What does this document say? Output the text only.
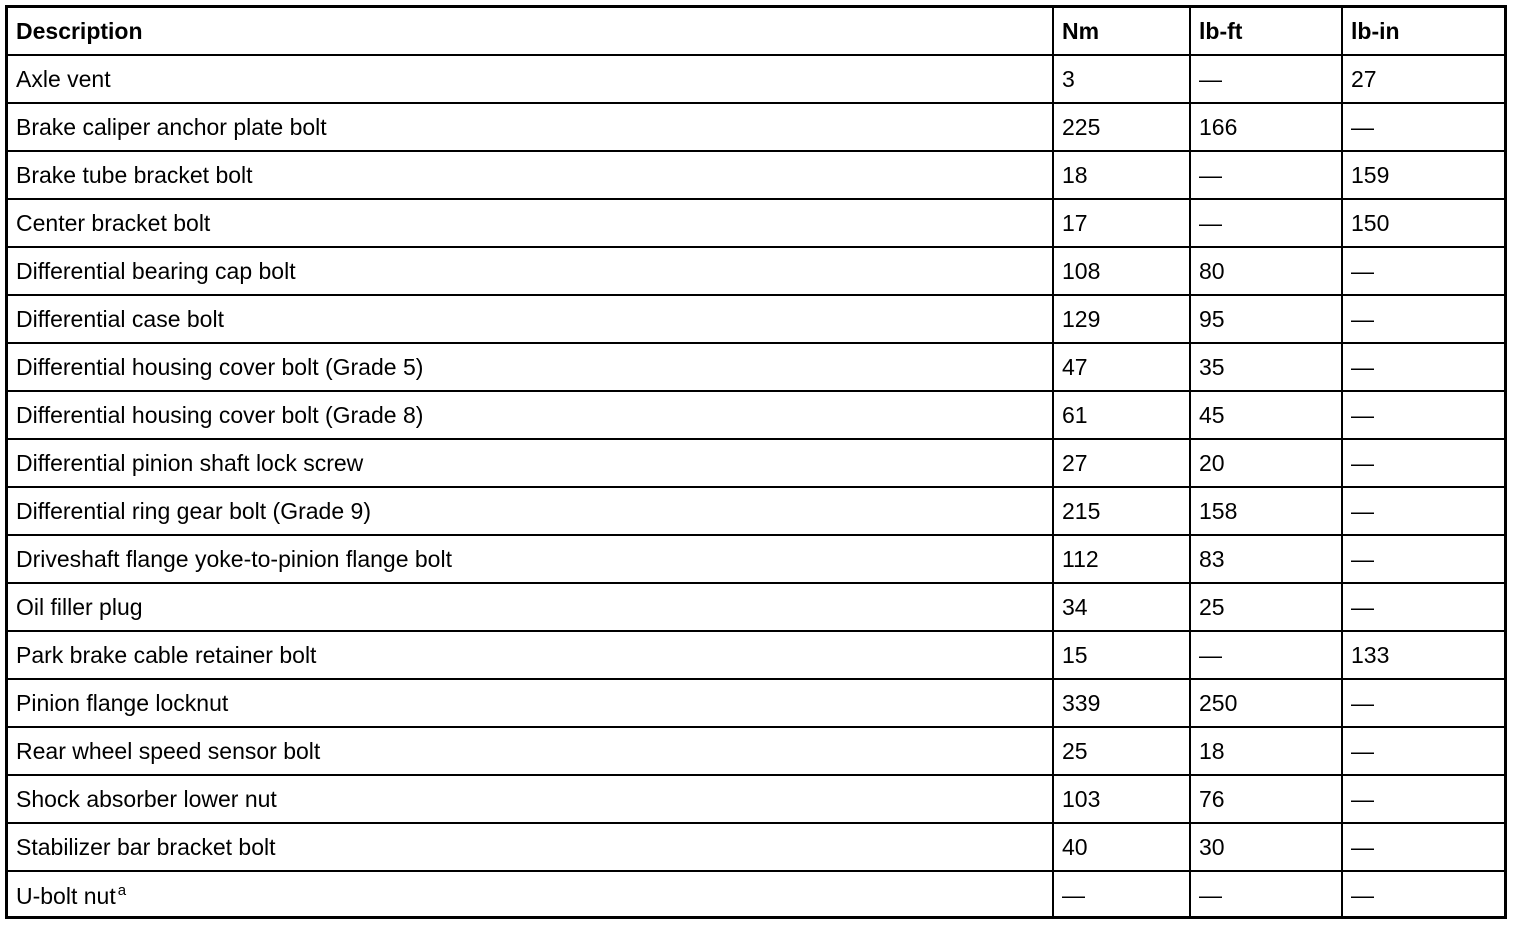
Description	Nm	lb-ft	lb-in
Axle vent	3	—	27
Brake caliper anchor plate bolt	225	166	—
Brake tube bracket bolt	18	—	159
Center bracket bolt	17	—	150
Differential bearing cap bolt	108	80	—
Differential case bolt	129	95	—
Differential housing cover bolt (Grade 5)	47	35	—
Differential housing cover bolt (Grade 8)	61	45	—
Differential pinion shaft lock screw	27	20	—
Differential ring gear bolt (Grade 9)	215	158	—
Driveshaft flange yoke-to-pinion flange bolt	112	83	—
Oil filler plug	34	25	—
Park brake cable retainer bolt	15	—	133
Pinion flange locknut	339	250	—
Rear wheel speed sensor bolt	25	18	—
Shock absorber lower nut	103	76	—
Stabilizer bar bracket bolt	40	30	—
U-bolt nut $^a$	—	—	—
